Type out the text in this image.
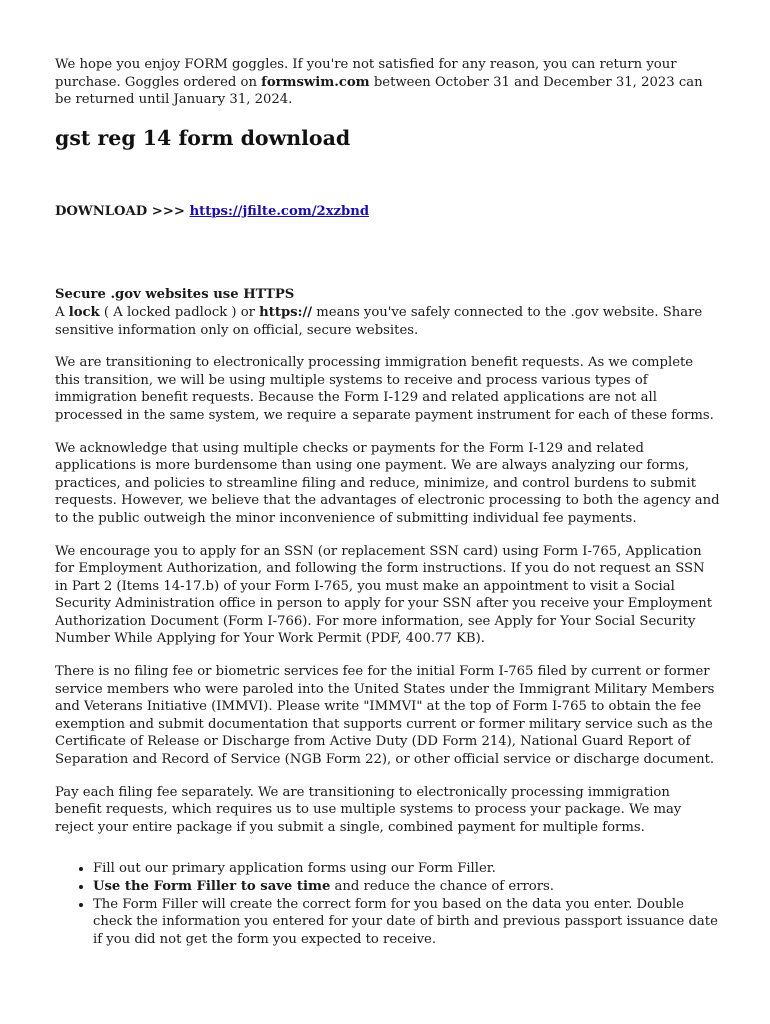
We hope you enjoy FORM goggles. If you're not satisfied for any reason, you can return your purchase. Goggles ordered on formswim.com between October 31 and December 31, 2023 can be returned until January 31, 2024.

gst reg 14 form download

DOWNLOAD >>> https://jfilte.com/2xzbnd

Secure .gov websites use HTTPS

A lock ( A locked padlock ) or https:// means you've safely connected to the .gov website. Share sensitive information only on official, secure websites.

We are transitioning to electronically processing immigration benefit requests. As we complete this transition, we will be using multiple systems to receive and process various types of immigration benefit requests. Because the Form I-129 and related applications are not all processed in the same system, we require a separate payment instrument for each of these forms.

We acknowledge that using multiple checks or payments for the Form I-129 and related applications is more burdensome than using one payment. We are always analyzing our forms, practices, and policies to streamline filing and reduce, minimize, and control burdens to submit requests. However, we believe that the advantages of electronic processing to both the agency and to the public outweigh the minor inconvenience of submitting individual fee payments.

We encourage you to apply for an SSN (or replacement SSN card) using Form I-765, Application for Employment Authorization, and following the form instructions. If you do not request an SSN in Part 2 (Items 14-17.b) of your Form I-765, you must make an appointment to visit a Social Security Administration office in person to apply for your SSN after you receive your Employment Authorization Document (Form I-766). For more information, see Apply for Your Social Security Number While Applying for Your Work Permit (PDF, 400.77 KB).

There is no filing fee or biometric services fee for the initial Form I-765 filed by current or former service members who were paroled into the United States under the Immigrant Military Members and Veterans Initiative (IMMVI). Please write "IMMVI" at the top of Form I-765 to obtain the fee exemption and submit documentation that supports current or former military service such as the Certificate of Release or Discharge from Active Duty (DD Form 214), National Guard Report of Separation and Record of Service (NGB Form 22), or other official service or discharge document.

Pay each filing fee separately. We are transitioning to electronically processing immigration benefit requests, which requires us to use multiple systems to process your package. We may reject your entire package if you submit a single, combined payment for multiple forms.

• Fill out our primary application forms using our Form Filler.
• Use the Form Filler to save time and reduce the chance of errors.
• The Form Filler will create the correct form for you based on the data you enter. Double check the information you entered for your date of birth and previous passport issuance date if you did not get the form you expected to receive.
